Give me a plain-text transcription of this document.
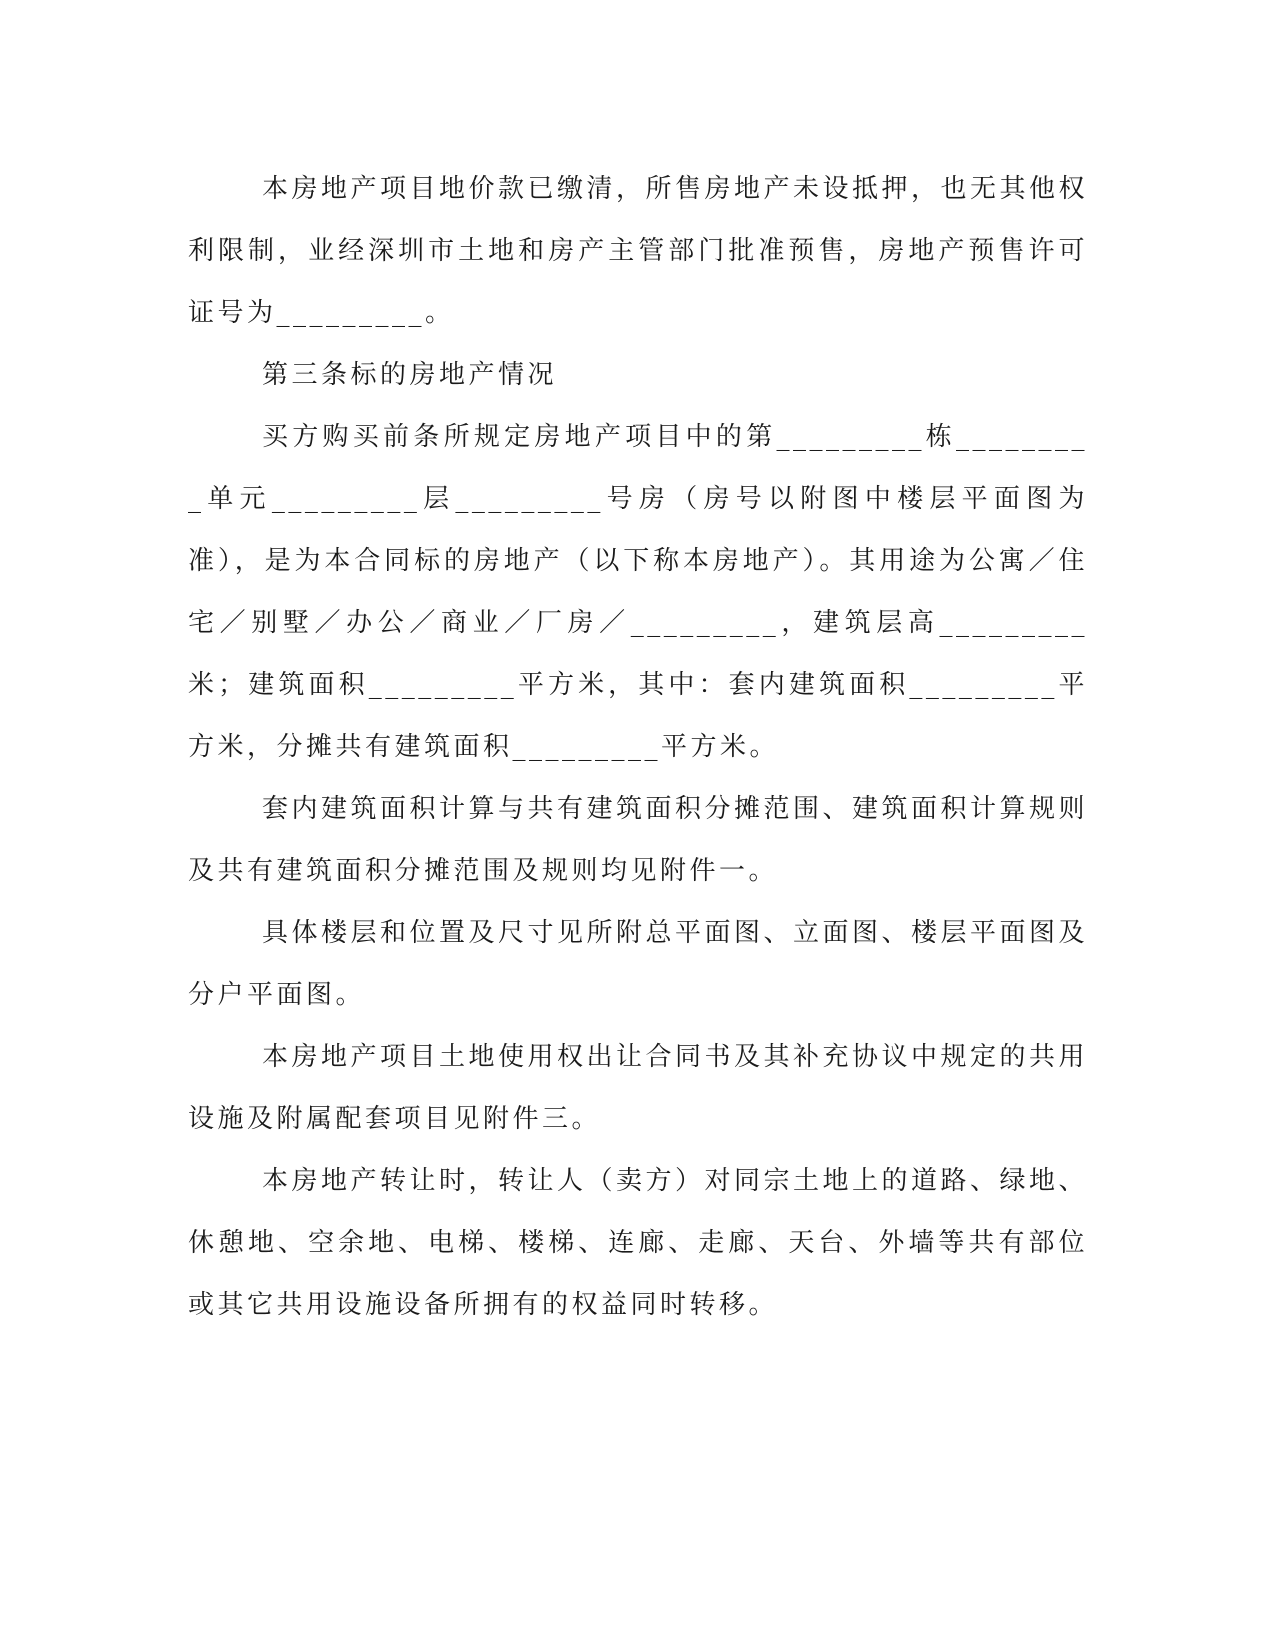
本房地产项目地价款已缴清，所售房地产未设抵押，也无其他权利限制，业经深圳市土地和房产主管部门批准预售，房地产预售许可证号为_________。

第三条标的房地产情况

买方购买前条所规定房地产项目中的第_________栋_________单元_________层_________号房（房号以附图中楼层平面图为准），是为本合同标的房地产（以下称本房地产）。其用途为公寓／住宅／别墅／办公／商业／厂房／_________，建筑层高_________米；建筑面积_________平方米，其中：套内建筑面积_________平方米，分摊共有建筑面积_________平方米。

套内建筑面积计算与共有建筑面积分摊范围、建筑面积计算规则及共有建筑面积分摊范围及规则均见附件一。

具体楼层和位置及尺寸见所附总平面图、立面图、楼层平面图及分户平面图。

本房地产项目土地使用权出让合同书及其补充协议中规定的共用设施及附属配套项目见附件三。

本房地产转让时，转让人（卖方）对同宗土地上的道路、绿地、休憩地、空余地、电梯、楼梯、连廊、走廊、天台、外墙等共有部位或其它共用设施设备所拥有的权益同时转移。
